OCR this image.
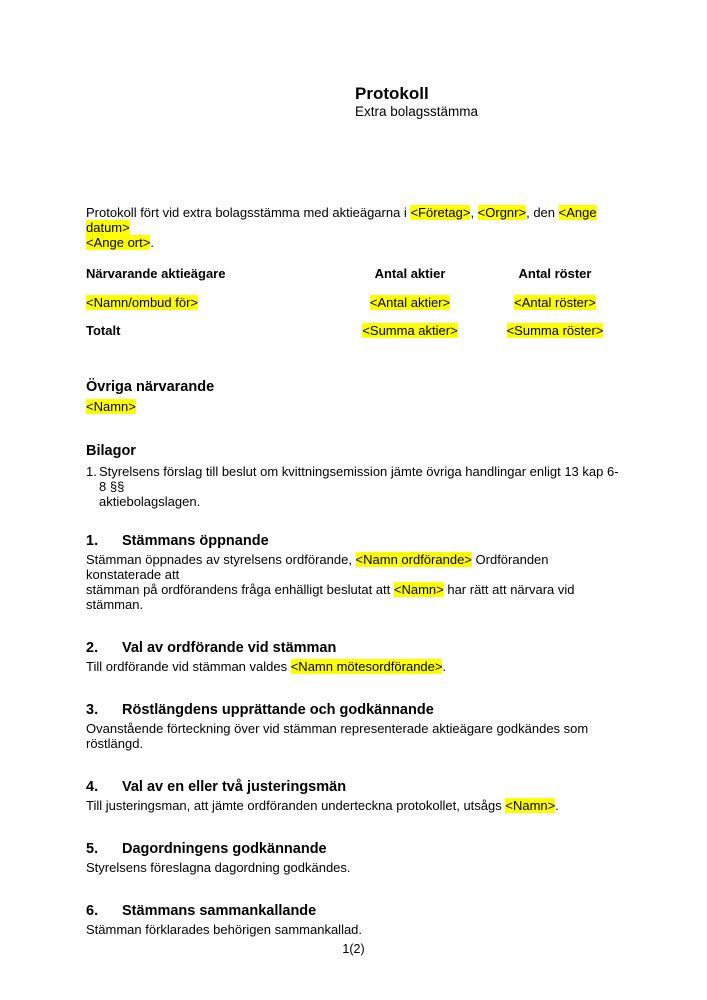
Protokoll
Extra bolagsstämma

Protokoll fört vid extra bolagsstämma med aktieägarna i <Företag>, <Orgnr>, den <Ange datum>
<Ange ort>.

Närvarande aktieägare	Antal aktier	Antal röster
<Namn/ombud för>	<Antal aktier>	<Antal röster>
Totalt	<Summa aktier>	<Summa röster>
Övriga närvarande
<Namn>
Bilagor
1. Styrelsens förslag till beslut om kvittningsemission jämte övriga handlingar enligt 13 kap 6-8 §§
aktiebolagslagen.
1.	Stämmans öppnande

Stämman öppnades av styrelsens ordförande, <Namn ordförande> Ordföranden konstaterade att
stämman på ordförandens fråga enhälligt beslutat att <Namn> har rätt att närvara vid stämman.

2.	Val av ordförande vid stämman

Till ordförande vid stämman valdes <Namn mötesordförande>.

3.	Röstlängdens upprättande och godkännande

Ovanstående förteckning över vid stämman representerade aktieägare godkändes som röstlängd.

4.	Val av en eller två justeringsmän

Till justeringsman, att jämte ordföranden underteckna protokollet, utsågs <Namn>.

5.	Dagordningens godkännande

Styrelsens föreslagna dagordning godkändes.

6.	Stämmans sammankallande

Stämman förklarades behörigen sammankallad.

1(2)
